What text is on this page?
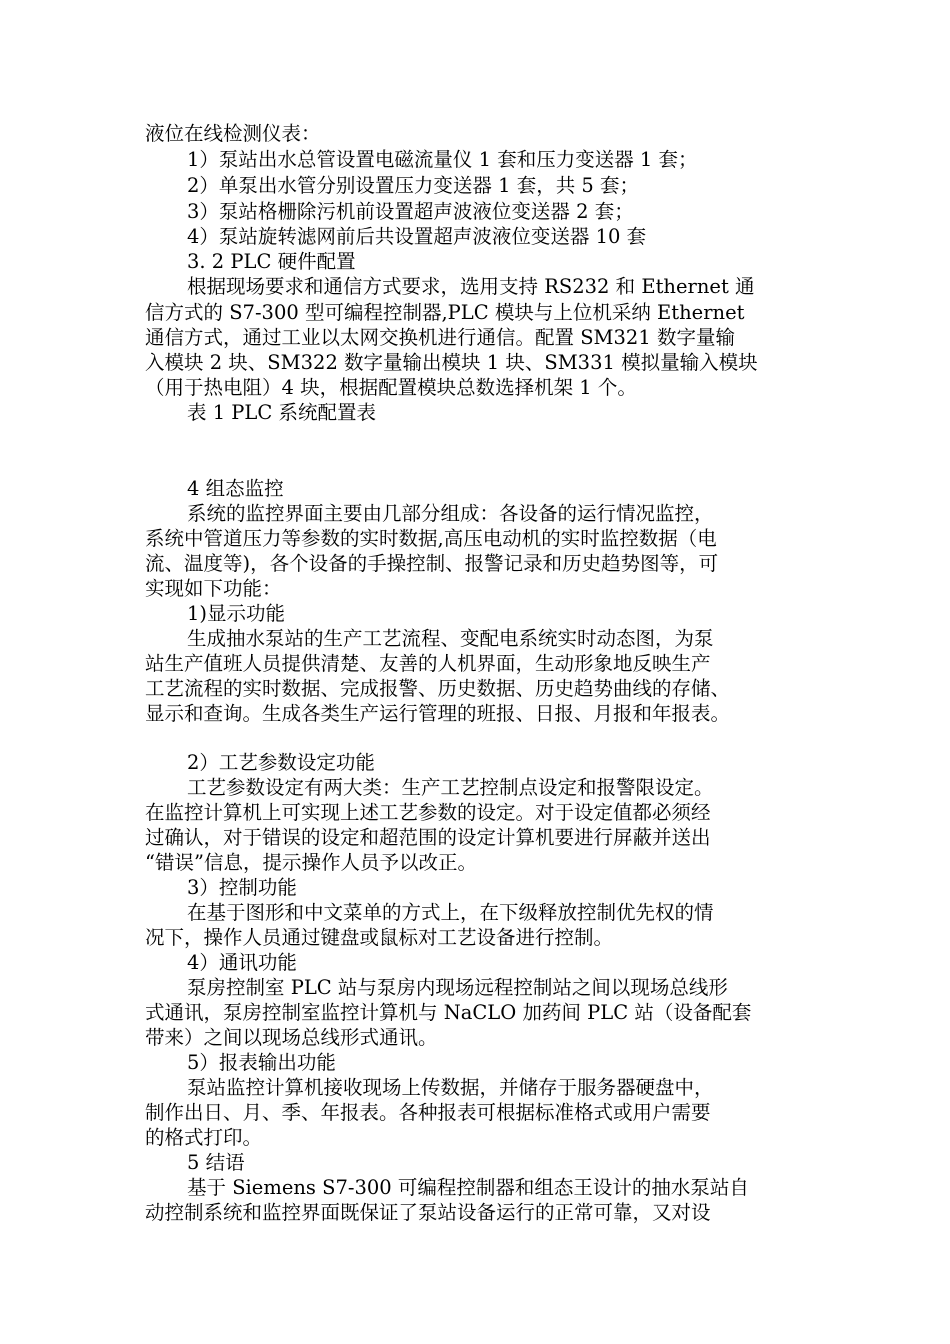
液位在线检测仪表：
1）泵站出水总管设置电磁流量仪 1 套和压力变送器 1 套；
2）单泵出水管分别设置压力变送器 1 套，共 5 套；
3）泵站格栅除污机前设置超声波液位变送器 2 套；
4）泵站旋转滤网前后共设置超声波液位变送器 10 套
3. 2 PLC 硬件配置
根据现场要求和通信方式要求，选用支持 RS232 和 Ethernet 通
信方式的 S7-300 型可编程控制器,PLC 模块与上位机采纳 Ethernet
通信方式，通过工业以太网交换机进行通信。配置 SM321 数字量输
入模块 2 块、SM322 数字量输出模块 1 块、SM331 模拟量输入模块
（用于热电阻）4 块，根据配置模块总数选择机架 1 个。
表 1 PLC 系统配置表
4 组态监控
系统的监控界面主要由几部分组成：各设备的运行情况监控，
系统中管道压力等参数的实时数据,高压电动机的实时监控数据（电
流、温度等)，各个设备的手操控制、报警记录和历史趋势图等，可
实现如下功能：
1)显示功能
生成抽水泵站的生产工艺流程、变配电系统实时动态图，为泵
站生产值班人员提供清楚、友善的人机界面，生动形象地反映生产
工艺流程的实时数据、完成报警、历史数据、历史趋势曲线的存储、
显示和查询。生成各类生产运行管理的班报、日报、月报和年报表。
2）工艺参数设定功能
工艺参数设定有两大类：生产工艺控制点设定和报警限设定。
在监控计算机上可实现上述工艺参数的设定。对于设定值都必须经
过确认，对于错误的设定和超范围的设定计算机要进行屏蔽并送出
“错误”信息，提示操作人员予以改正。
3）控制功能
在基于图形和中文菜单的方式上，在下级释放控制优先权的情
况下，操作人员通过键盘或鼠标对工艺设备进行控制。
4）通讯功能
泵房控制室 PLC 站与泵房内现场远程控制站之间以现场总线形
式通讯，泵房控制室监控计算机与 NaCLO 加药间 PLC 站（设备配套
带来）之间以现场总线形式通讯。
5）报表输出功能
泵站监控计算机接收现场上传数据，并储存于服务器硬盘中，
制作出日、月、季、年报表。各种报表可根据标准格式或用户需要
的格式打印。
5 结语
基于 Siemens S7-300 可编程控制器和组态王设计的抽水泵站自
动控制系统和监控界面既保证了泵站设备运行的正常可靠，又对设
